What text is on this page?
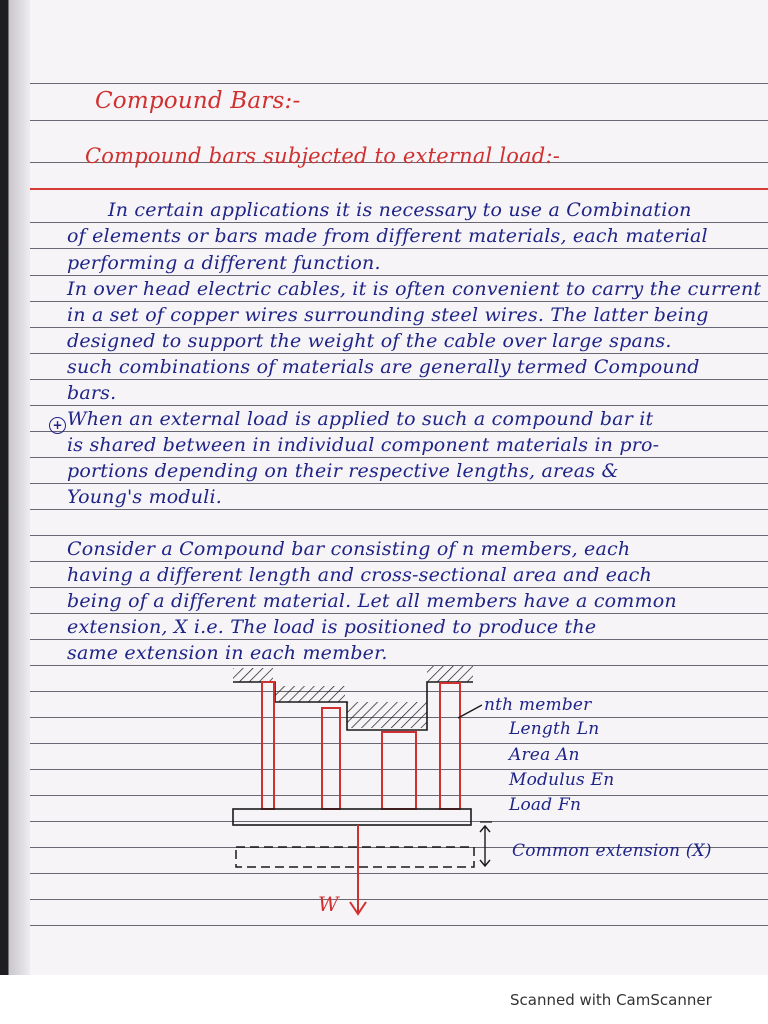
Compound Bars:-
Compound bars subjected to external load:-
In certain applications it is necessary to use a Combination
of elements or bars made from different materials, each material
performing a different function.
In over head electric cables, it is often convenient to carry the current
in a set of copper wires surrounding steel wires. The latter being
designed to support the weight of the cable over large spans.
such combinations of materials are generally termed Compound
bars.
+ When an external load is applied to such a compound bar it
is shared between in individual component materials in pro-
portions depending on their respective lengths, areas &
Young's moduli.
Consider a Compound bar consisting of n members, each
having a different length and cross-sectional area and each
being of a different material. Let all members have a common
extension, X i.e. The load is positioned to produce the
same extension in each member.
nth member
Length Ln
Area An
Modulus En
Load Fn
Common extension (X)
W
Scanned with CamScanner
